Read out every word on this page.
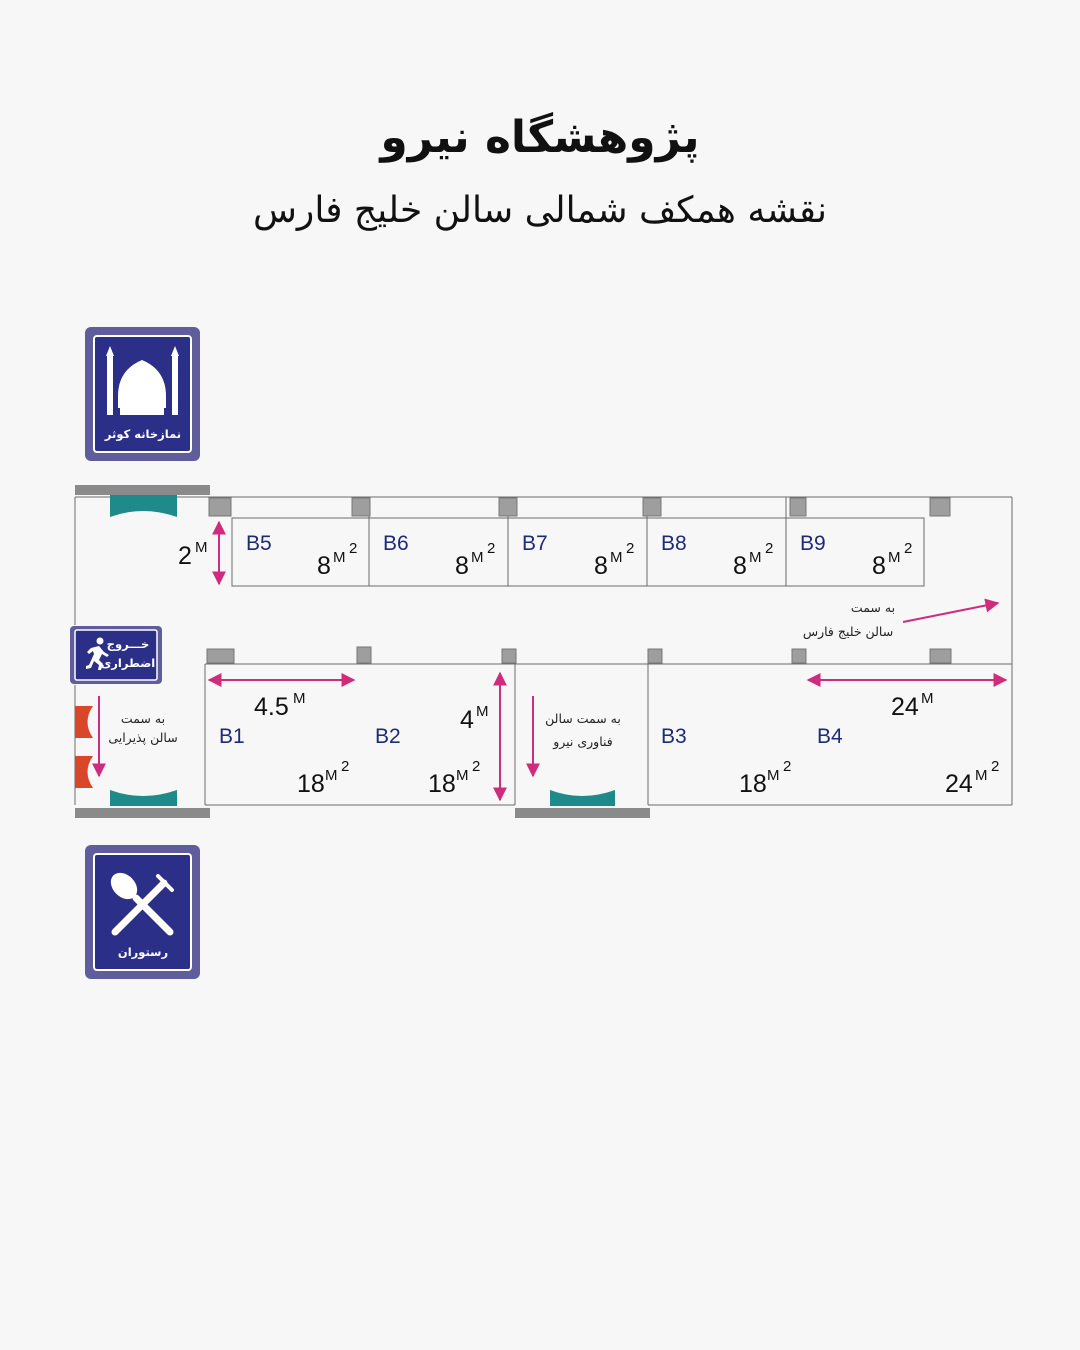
پژوهشگاه نیرو
نقشه همکف شمالی سالن خلیج فارس
نمازخانه کوثر
رستوران
خـــروج
اضطراری
به سمت
سالن خلیج فارس
به سمت
سالن پذیرایی
به سمت سالن
فناوری نیرو
2 M
4.5 M
4 M	24 M
B5
8 M
2 B6
8 M
2 B7
8 M
2 B8
8 M
2 B9
8 M
2
B1
18 M
2
B2
18 M
2
B3
18 M
2
B4
24 M
2
